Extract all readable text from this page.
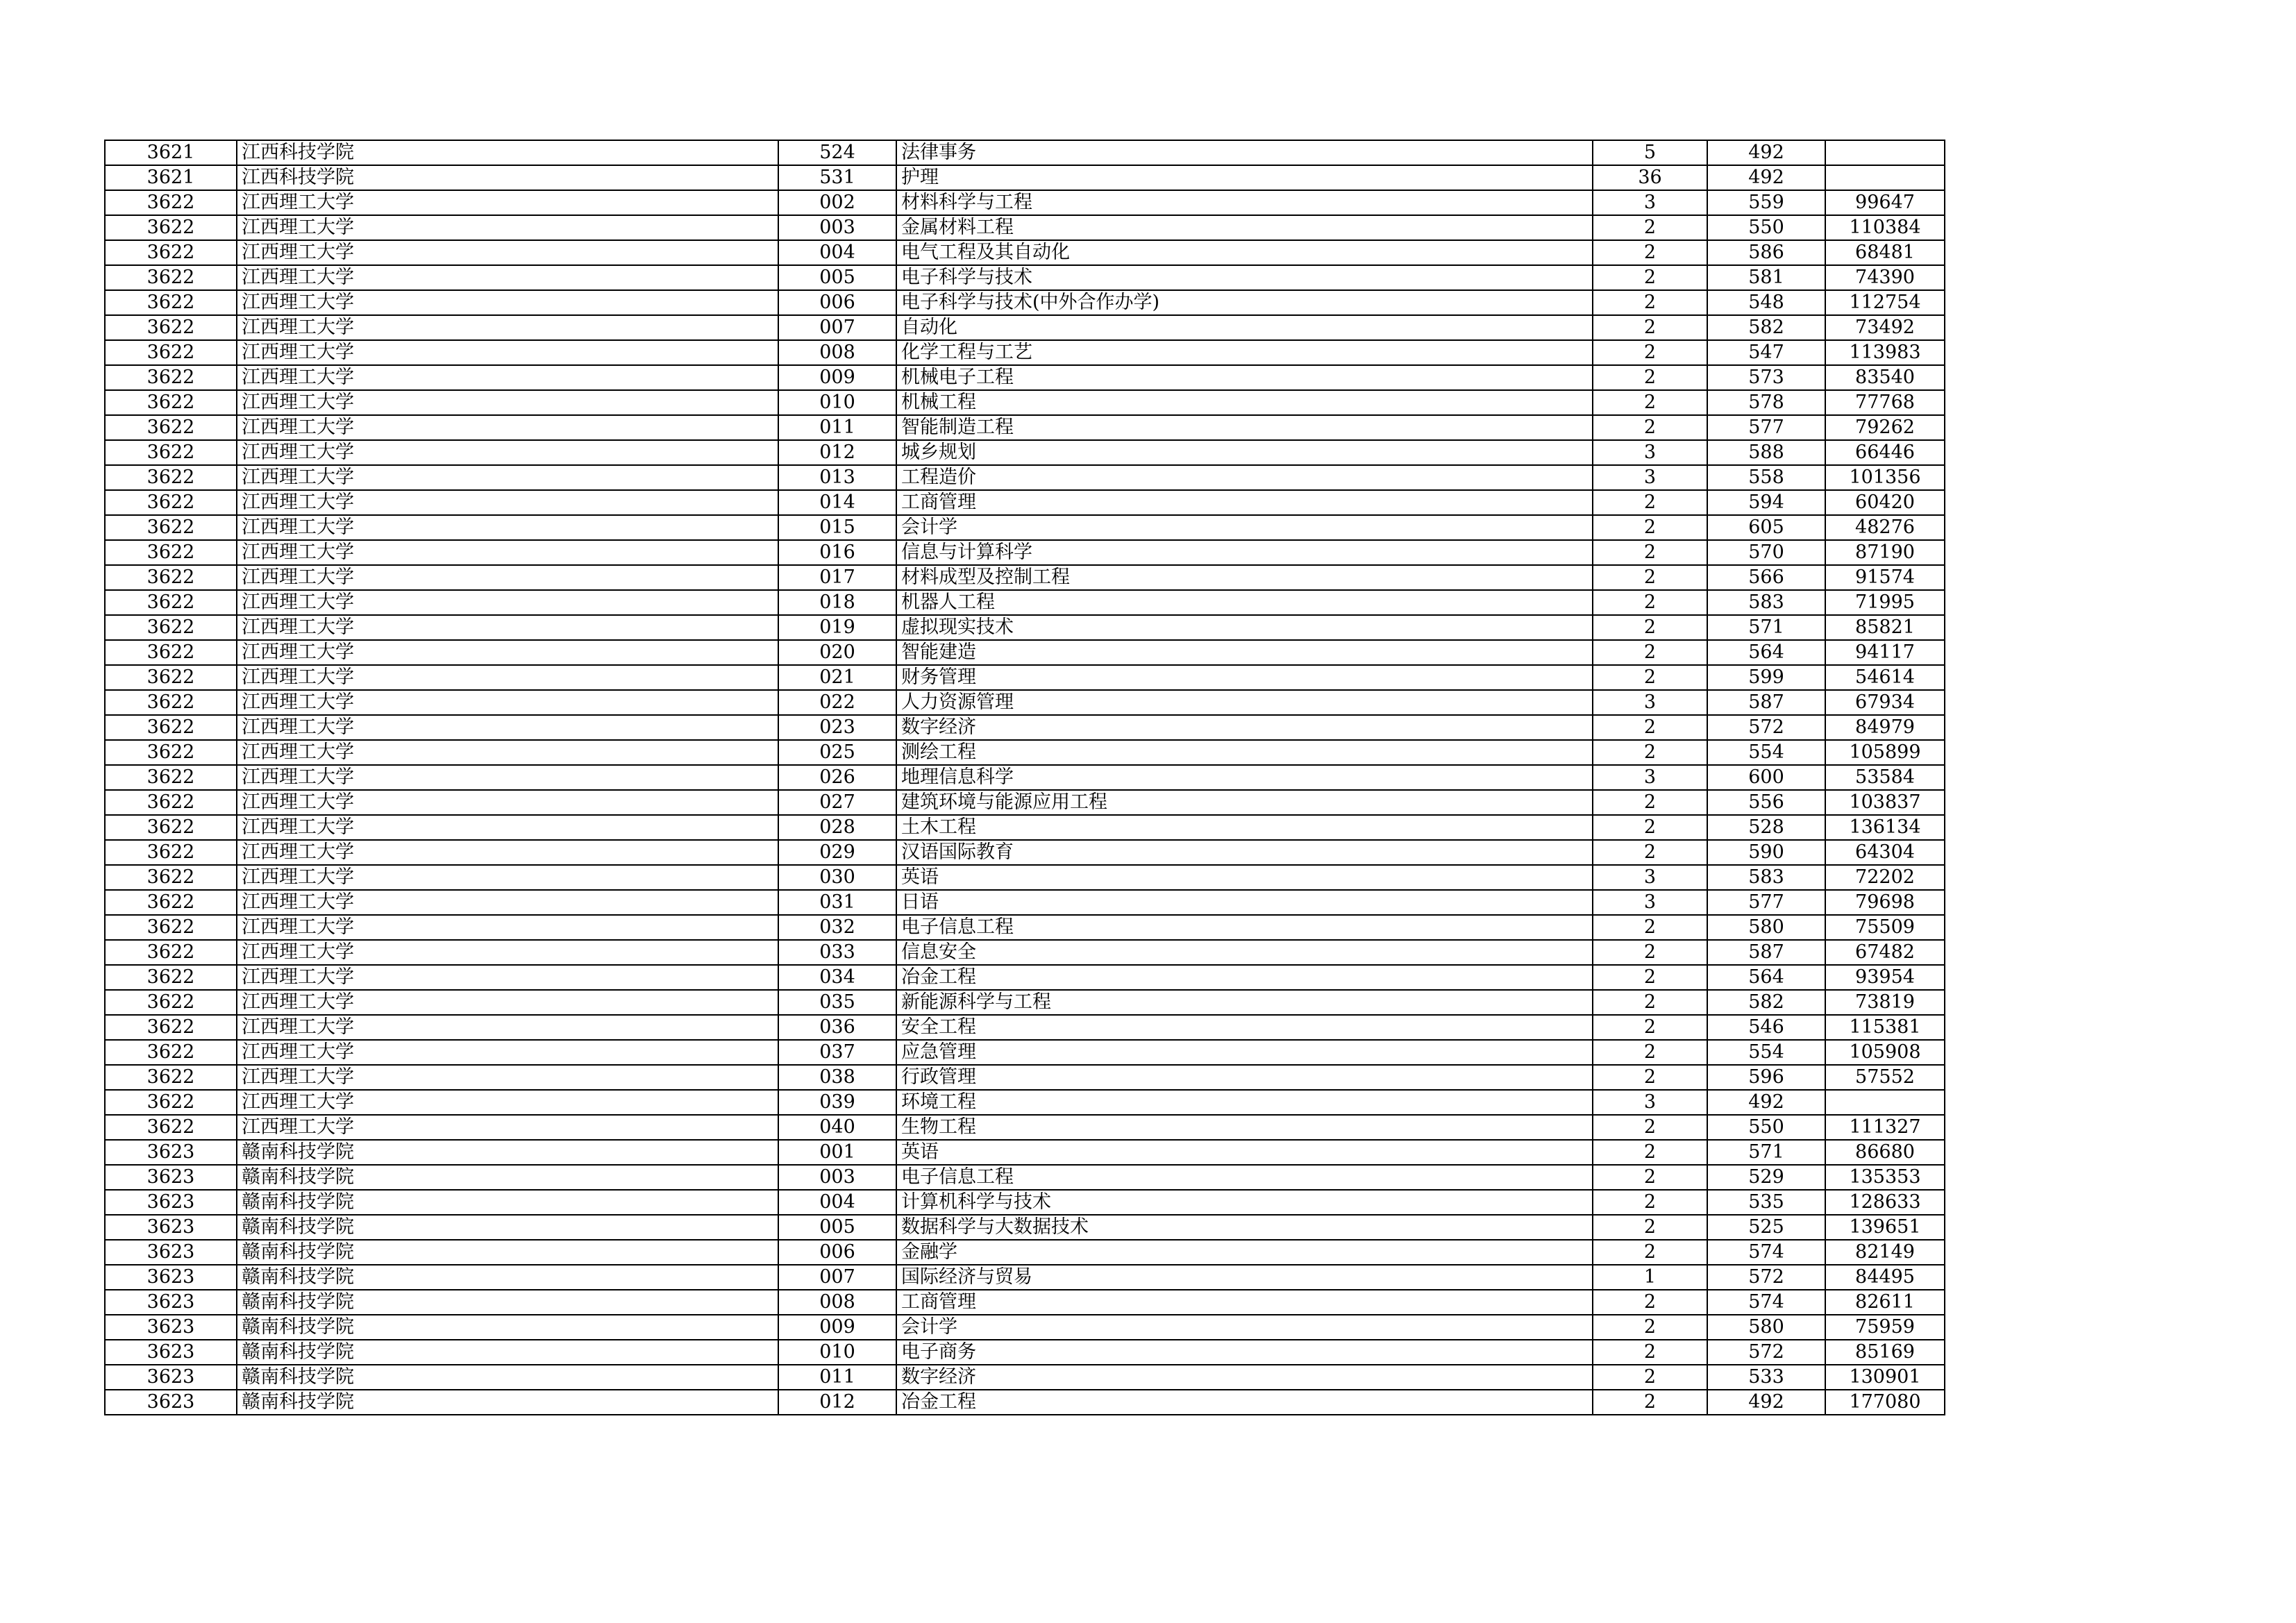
3621	江西科技学院	524	法律事务	5	492	
3621	江西科技学院	531	护理	36	492	
3622	江西理工大学	002	材料科学与工程	3	559	99647
3622	江西理工大学	003	金属材料工程	2	550	110384
3622	江西理工大学	004	电气工程及其自动化	2	586	68481
3622	江西理工大学	005	电子科学与技术	2	581	74390
3622	江西理工大学	006	电子科学与技术(中外合作办学)	2	548	112754
3622	江西理工大学	007	自动化	2	582	73492
3622	江西理工大学	008	化学工程与工艺	2	547	113983
3622	江西理工大学	009	机械电子工程	2	573	83540
3622	江西理工大学	010	机械工程	2	578	77768
3622	江西理工大学	011	智能制造工程	2	577	79262
3622	江西理工大学	012	城乡规划	3	588	66446
3622	江西理工大学	013	工程造价	3	558	101356
3622	江西理工大学	014	工商管理	2	594	60420
3622	江西理工大学	015	会计学	2	605	48276
3622	江西理工大学	016	信息与计算科学	2	570	87190
3622	江西理工大学	017	材料成型及控制工程	2	566	91574
3622	江西理工大学	018	机器人工程	2	583	71995
3622	江西理工大学	019	虚拟现实技术	2	571	85821
3622	江西理工大学	020	智能建造	2	564	94117
3622	江西理工大学	021	财务管理	2	599	54614
3622	江西理工大学	022	人力资源管理	3	587	67934
3622	江西理工大学	023	数字经济	2	572	84979
3622	江西理工大学	025	测绘工程	2	554	105899
3622	江西理工大学	026	地理信息科学	3	600	53584
3622	江西理工大学	027	建筑环境与能源应用工程	2	556	103837
3622	江西理工大学	028	土木工程	2	528	136134
3622	江西理工大学	029	汉语国际教育	2	590	64304
3622	江西理工大学	030	英语	3	583	72202
3622	江西理工大学	031	日语	3	577	79698
3622	江西理工大学	032	电子信息工程	2	580	75509
3622	江西理工大学	033	信息安全	2	587	67482
3622	江西理工大学	034	冶金工程	2	564	93954
3622	江西理工大学	035	新能源科学与工程	2	582	73819
3622	江西理工大学	036	安全工程	2	546	115381
3622	江西理工大学	037	应急管理	2	554	105908
3622	江西理工大学	038	行政管理	2	596	57552
3622	江西理工大学	039	环境工程	3	492	
3622	江西理工大学	040	生物工程	2	550	111327
3623	赣南科技学院	001	英语	2	571	86680
3623	赣南科技学院	003	电子信息工程	2	529	135353
3623	赣南科技学院	004	计算机科学与技术	2	535	128633
3623	赣南科技学院	005	数据科学与大数据技术	2	525	139651
3623	赣南科技学院	006	金融学	2	574	82149
3623	赣南科技学院	007	国际经济与贸易	1	572	84495
3623	赣南科技学院	008	工商管理	2	574	82611
3623	赣南科技学院	009	会计学	2	580	75959
3623	赣南科技学院	010	电子商务	2	572	85169
3623	赣南科技学院	011	数字经济	2	533	130901
3623	赣南科技学院	012	冶金工程	2	492	177080
